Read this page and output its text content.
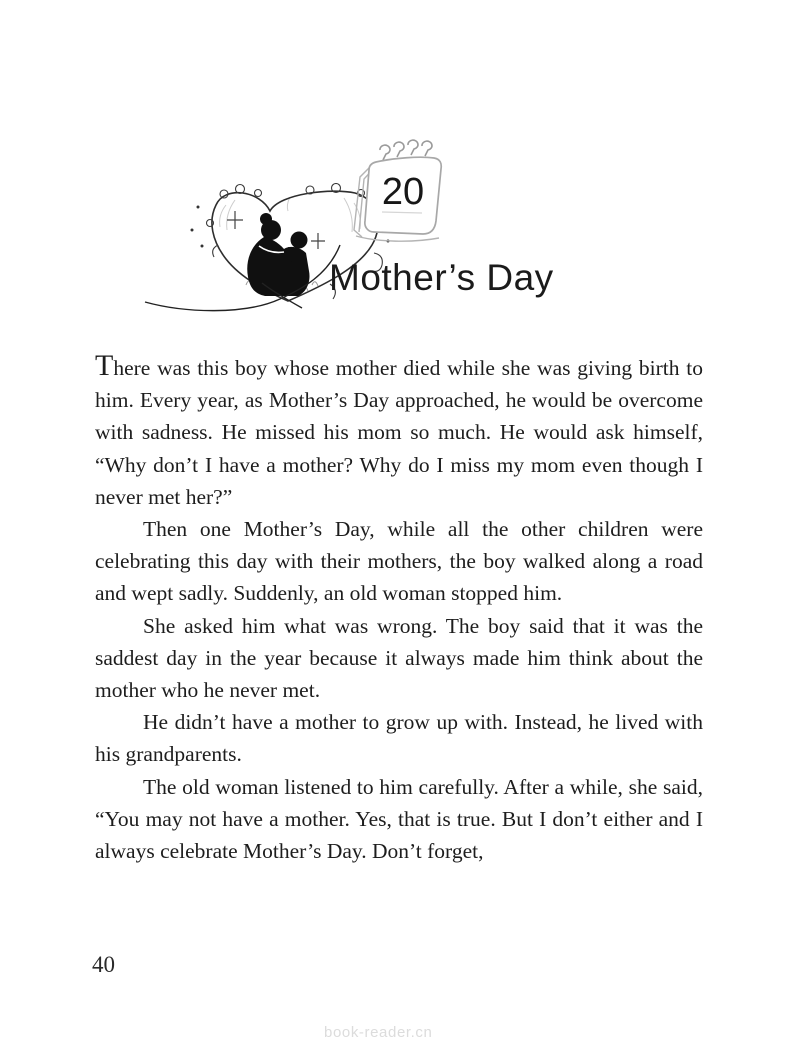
20
Mother’s Day

There was this boy whose mother died while she was giving birth to him. Every year, as Mother’s Day approached, he would be overcome with sadness. He missed his mom so much. He would ask himself, “Why don’t I have a mother? Why do I miss my mom even though I never met her?”

Then one Mother’s Day, while all the other children were celebrating this day with their mothers, the boy walked along a road and wept sadly. Suddenly, an old woman stopped him.

She asked him what was wrong. The boy said that it was the saddest day in the year because it always made him think about the mother who he never met.

He didn’t have a mother to grow up with. Instead, he lived with his grandparents.

The old woman listened to him carefully. After a while, she said, “You may not have a mother. Yes, that is true. But I don’t either and I always celebrate Mother’s Day. Don’t forget,

40
book-reader.cn
